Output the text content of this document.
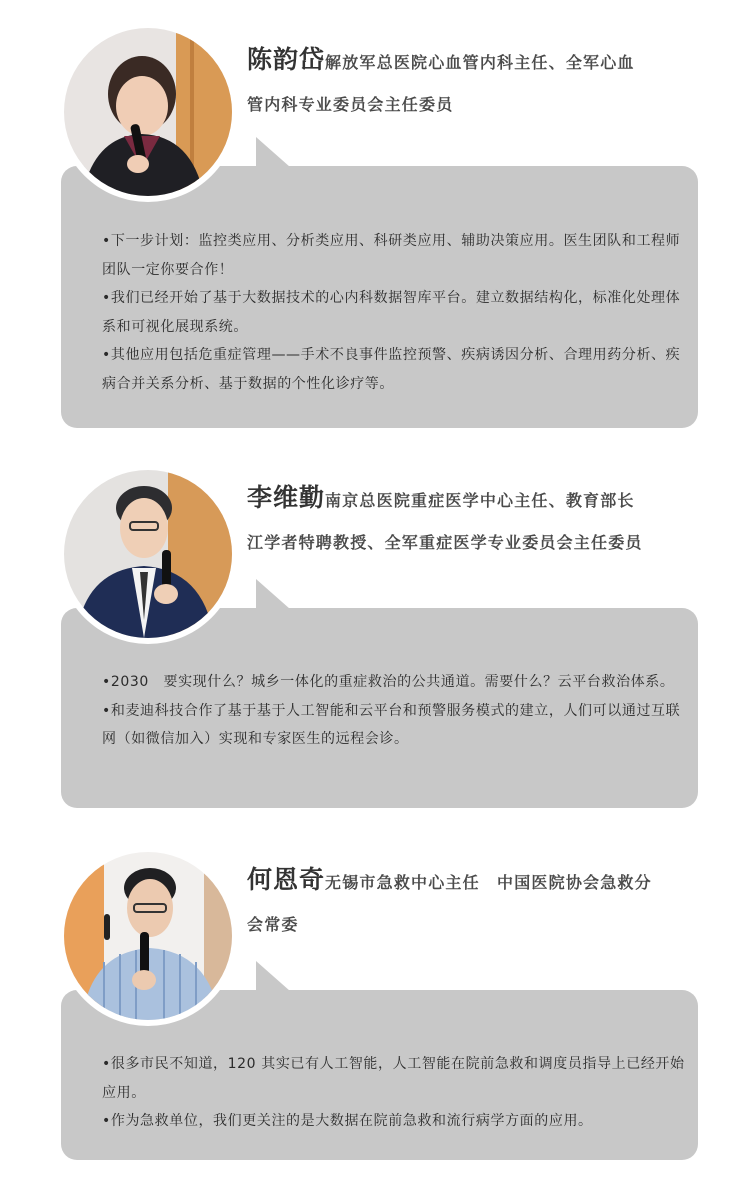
陈韵岱解放军总医院心血管内科主任、全军心血
管内科专业委员会主任委员

•下一步计划：监控类应用、分析类应用、科研类应用、辅助决策应用。医生团队和工程师团队一定你要合作！

•我们已经开始了基于大数据技术的心内科数据智库平台。建立数据结构化，标准化处理体系和可视化展现系统。

•其他应用包括危重症管理——手术不良事件监控预警、疾病诱因分析、合理用药分析、疾病合并关系分析、基于数据的个性化诊疗等。

李维勤南京总医院重症医学中心主任、教育部长
江学者特聘教授、全军重症医学专业委员会主任委员

•2030　要实现什么？城乡一体化的重症救治的公共通道。需要什么？云平台救治体系。

•和麦迪科技合作了基于基于人工智能和云平台和预警服务模式的建立，人们可以通过互联网（如微信加入）实现和专家医生的远程会诊。

何恩奇无锡市急救中心主任　中国医院协会急救分
会常委

•很多市民不知道，120 其实已有人工智能，人工智能在院前急救和调度员指导上已经开始应用。

•作为急救单位，我们更关注的是大数据在院前急救和流行病学方面的应用。
